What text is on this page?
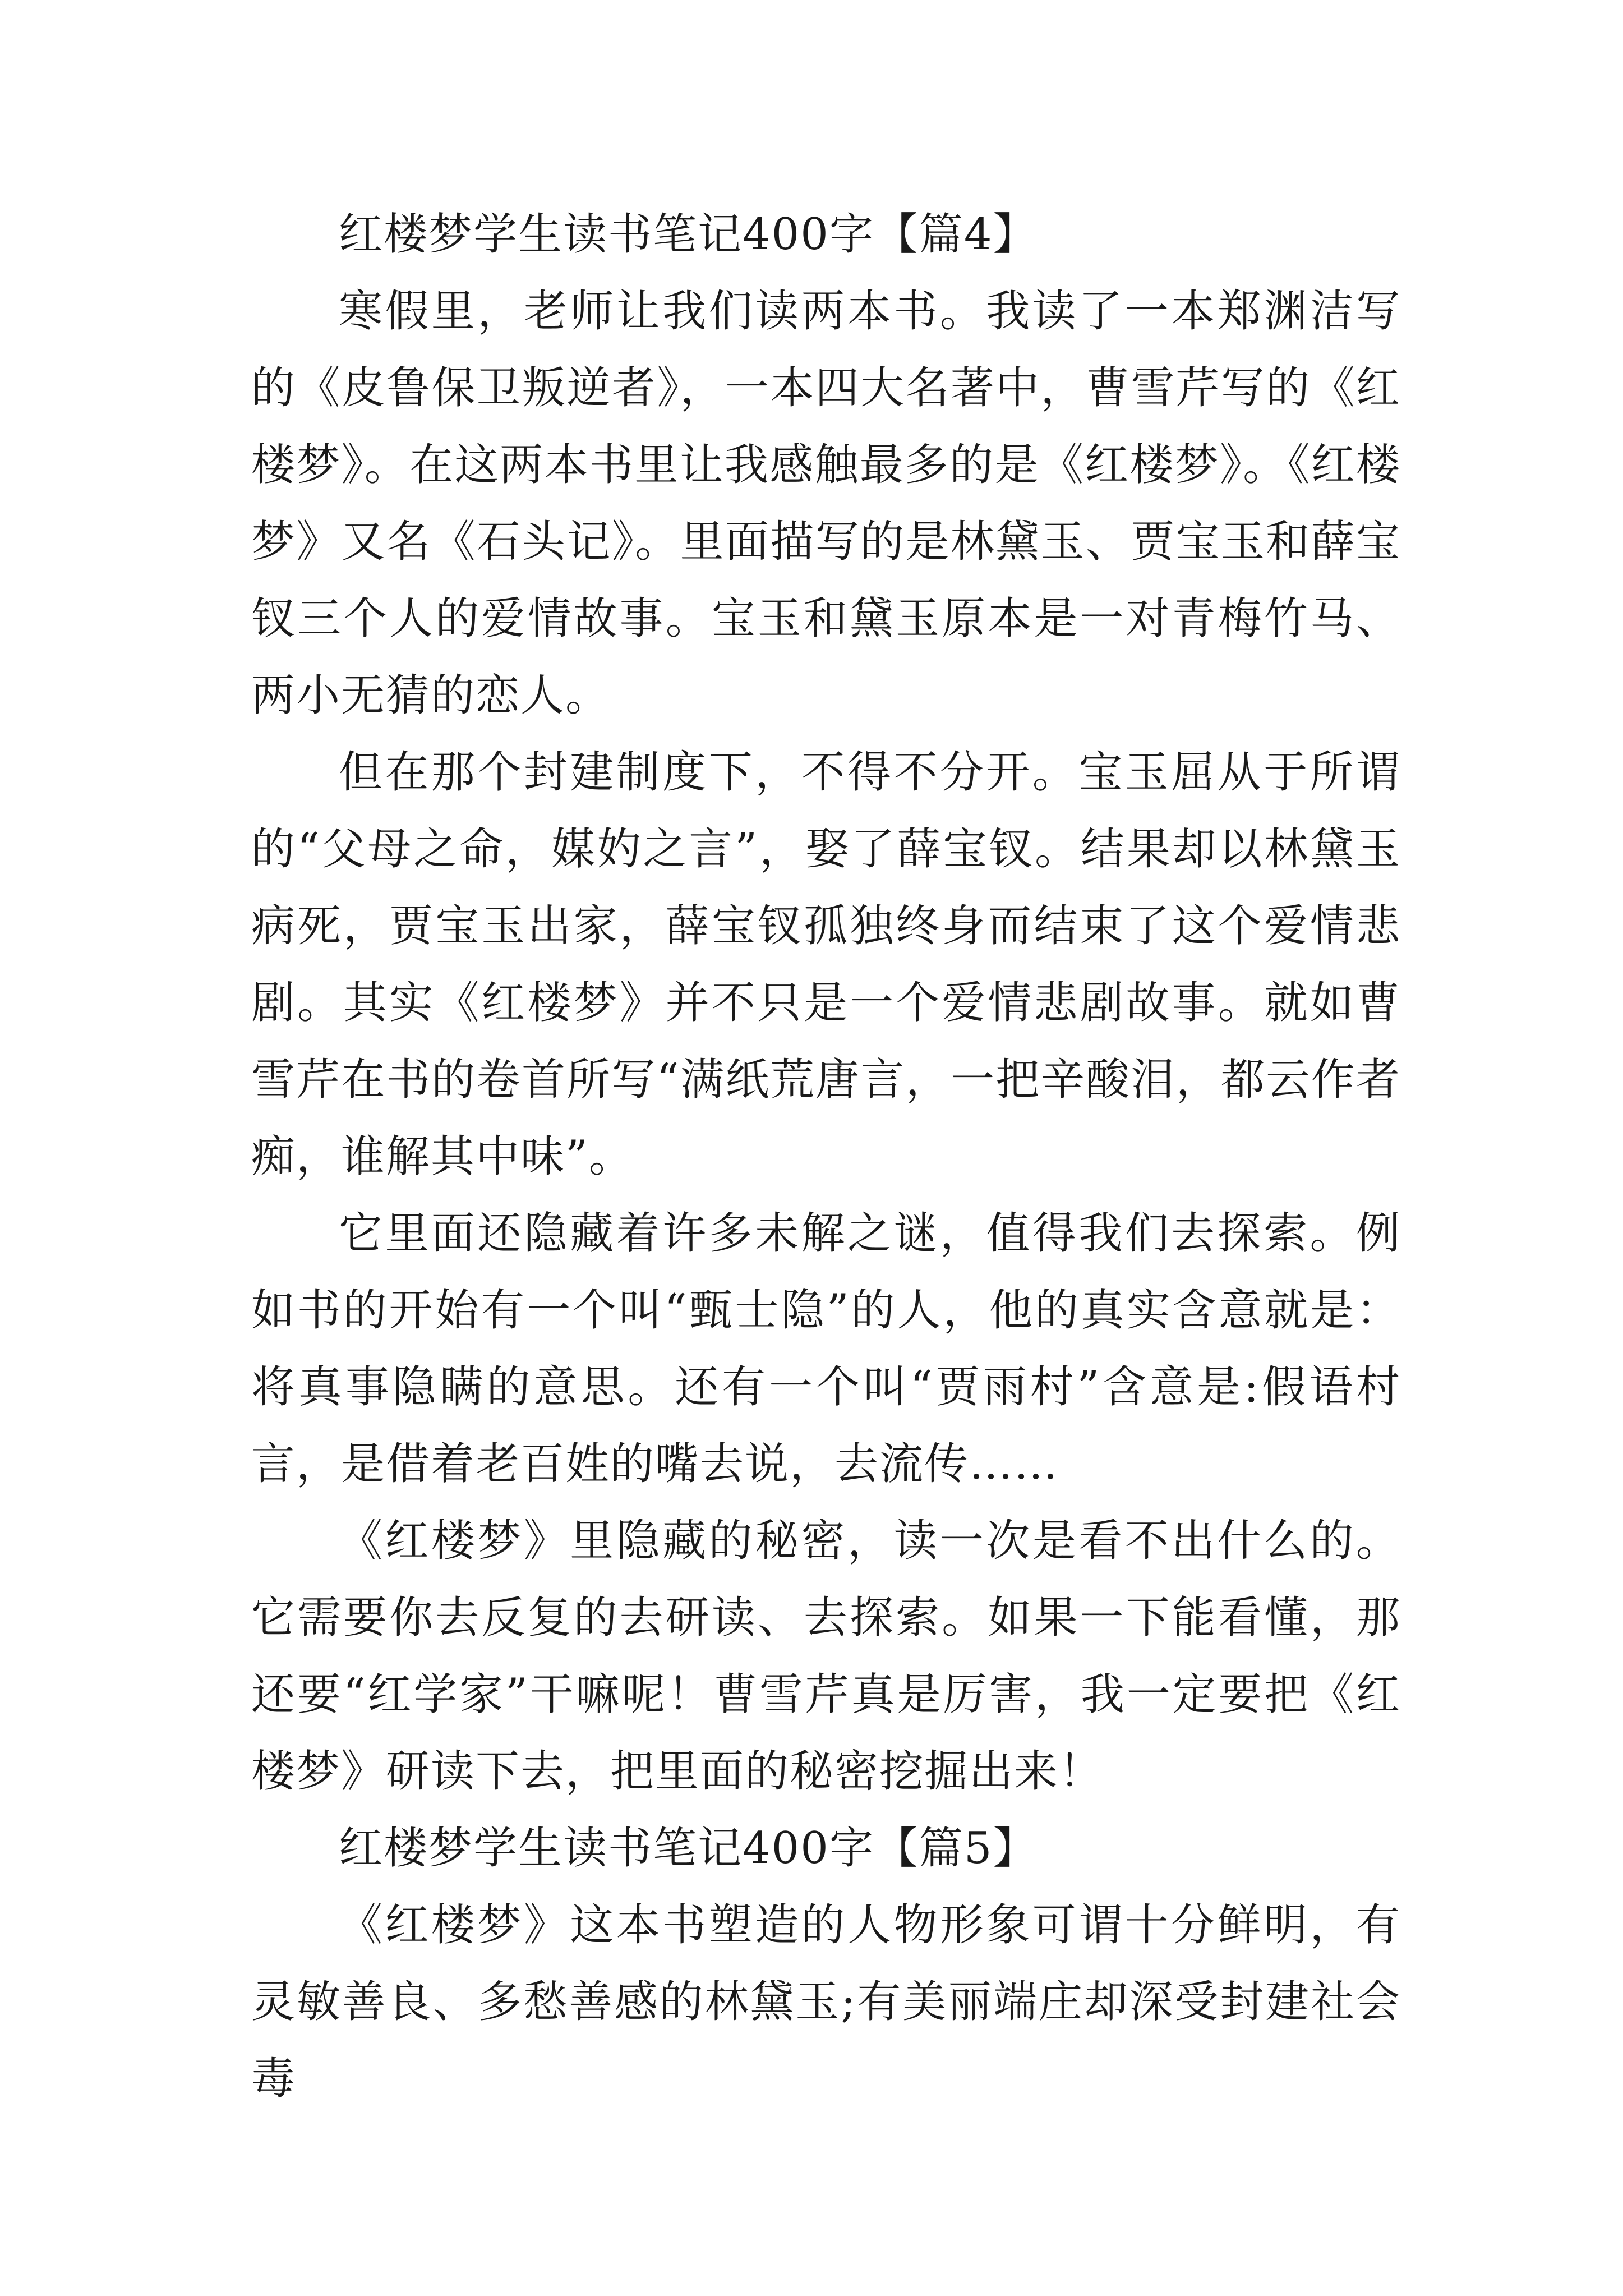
红楼梦学生读书笔记400字【篇4】

寒假里，老师让我们读两本书。我读了一本郑渊洁写的《皮鲁保卫叛逆者》，一本四大名著中，曹雪芹写的《红楼梦》。在这两本书里让我感触最多的是《红楼梦》。《红楼梦》又名《石头记》。里面描写的是林黛玉、贾宝玉和薛宝钗三个人的爱情故事。宝玉和黛玉原本是一对青梅竹马、两小无猜的恋人。

但在那个封建制度下，不得不分开。宝玉屈从于所谓的“父母之命，媒妁之言”，娶了薛宝钗。结果却以林黛玉病死，贾宝玉出家，薛宝钗孤独终身而结束了这个爱情悲剧。其实《红楼梦》并不只是一个爱情悲剧故事。就如曹雪芹在书的卷首所写“满纸荒唐言，一把辛酸泪，都云作者痴，谁解其中味”。

它里面还隐藏着许多未解之谜，值得我们去探索。例如书的开始有一个叫“甄士隐”的人，他的真实含意就是：将真事隐瞒的意思。还有一个叫“贾雨村”含意是:假语村言，是借着老百姓的嘴去说，去流传……

《红楼梦》里隐藏的秘密，读一次是看不出什么的。它需要你去反复的去研读、去探索。如果一下能看懂，那还要“红学家”干嘛呢！曹雪芹真是厉害，我一定要把《红楼梦》研读下去，把里面的秘密挖掘出来！

红楼梦学生读书笔记400字【篇5】

《红楼梦》这本书塑造的人物形象可谓十分鲜明，有灵敏善良、多愁善感的林黛玉;有美丽端庄却深受封建社会毒
